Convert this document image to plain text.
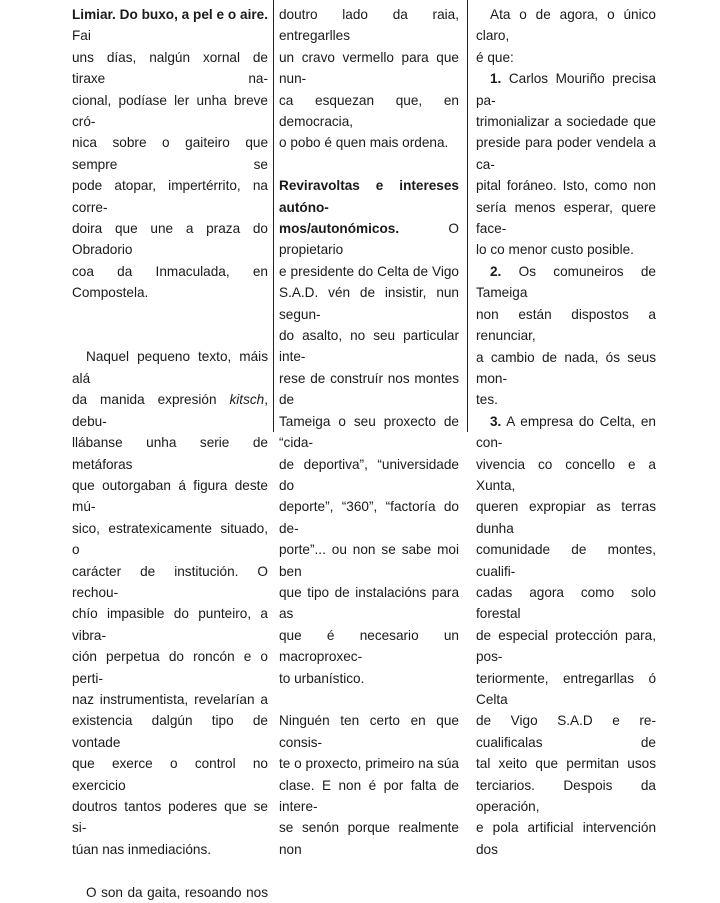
Limiar. Do buxo, a pel e o aire. Fai

uns días, nalgún xornal de tiraxe na-

cional, podíase ler unha breve cró-

nica sobre o gaiteiro que sempre se

pode atopar, impertérrito, na corre-

doira que une a praza do Obradorio

coa da Inmaculada, en Compostela.

Naquel pequeno texto, máis alá

da manida expresión kitsch, debu-

llábanse unha serie de metáforas

que outorgaban á figura deste mú-

sico, estratexicamente situado, o

carácter de institución. O rechou-

chío impasible do punteiro, a vibra-

ción perpetua do roncón e o perti-

naz instrumentista, revelarían a

existencia dalgún tipo de vontade

que exerce o control no exercicio

doutros tantos poderes que se si-

túan nas inmediacións.

O son da gaita, resoando nos

doutro lado da raia, entregarlles

un cravo vermello para que nun-

ca esquezan que, en democracia,

o pobo é quen mais ordena.

Reviravoltas e intereses autóno-

mos/autonómicos. O propietario

e presidente do Celta de Vigo

S.A.D. vén de insistir, nun segun-

do asalto, no seu particular inte-

rese de construír nos montes de

Tameiga o seu proxecto de “cida-

de deportiva”, “universidade do

deporte”, “360”, “factoría do de-

porte”... ou non se sabe moi ben

que tipo de instalacións para as

que é necesario un macroproxec-

to urbanístico.

Ninguén ten certo en que consis-

te o proxecto, primeiro na súa

clase. E non é por falta de intere-

se senón porque realmente non

Ata o de agora, o único claro,

é que:

1. Carlos Mouriño precisa pa-

trimonializar a sociedade que

preside para poder vendela a ca-

pital foráneo. Isto, como non

sería menos esperar, quere face-

lo co menor custo posible.

2. Os comuneiros de Tameiga

non están dispostos a renunciar,

a cambio de nada, ós seus mon-

tes.

3. A empresa do Celta, en con-

vivencia co concello e a Xunta,

queren expropiar as terras dunha

comunidade de montes, cualifi-

cadas agora como solo forestal

de especial protección para, pos-

teriormente, entregarllas ó Celta

de Vigo S.A.D e re-cualificalas de

tal xeito que permitan usos

terciarios. Despois da operación,

e pola artificial intervención dos
